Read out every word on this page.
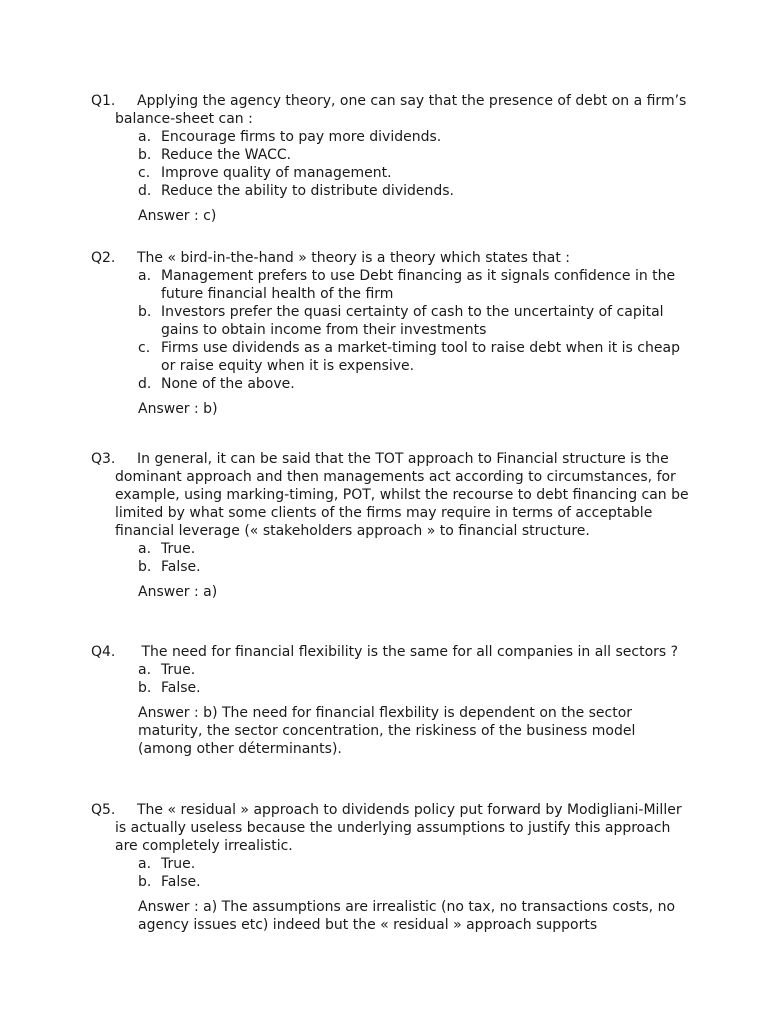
Q1. Applying the agency theory, one can say that the presence of debt on a firm’s balance-sheet can :

a. Encourage firms to pay more dividends.
b. Reduce the WACC.
c. Improve quality of management.
d. Reduce the ability to distribute dividends.

Answer : c)

Q2. The « bird-in-the-hand » theory is a theory which states that :

a. Management prefers to use Debt financing as it signals confidence in the future financial health of the firm
b. Investors prefer the quasi certainty of cash to the uncertainty of capital gains to obtain income from their investments
c. Firms use dividends as a market-timing tool to raise debt when it is cheap or raise equity when it is expensive.
d. None of the above.

Answer : b)

Q3. In general, it can be said that the TOT approach to Financial structure is the dominant approach and then managements act according to circumstances, for example, using marking-timing, POT, whilst the recourse to debt financing can be limited by what some clients of the firms may require in terms of acceptable financial leverage (« stakeholders approach » to financial structure.

a. True.
b. False.

Answer : a)

Q4. The need for financial flexibility is the same for all companies in all sectors ?

a. True.
b. False.

Answer : b) The need for financial flexbility is dependent on the sector maturity, the sector concentration, the riskiness of the business model (among other déterminants).

Q5. The « residual » approach to dividends policy put forward by Modigliani-Miller is actually useless because the underlying assumptions to justify this approach are completely irrealistic.

a. True.
b. False.

Answer : a) The assumptions are irrealistic (no tax, no transactions costs, no agency issues etc) indeed but the « residual » approach supports
